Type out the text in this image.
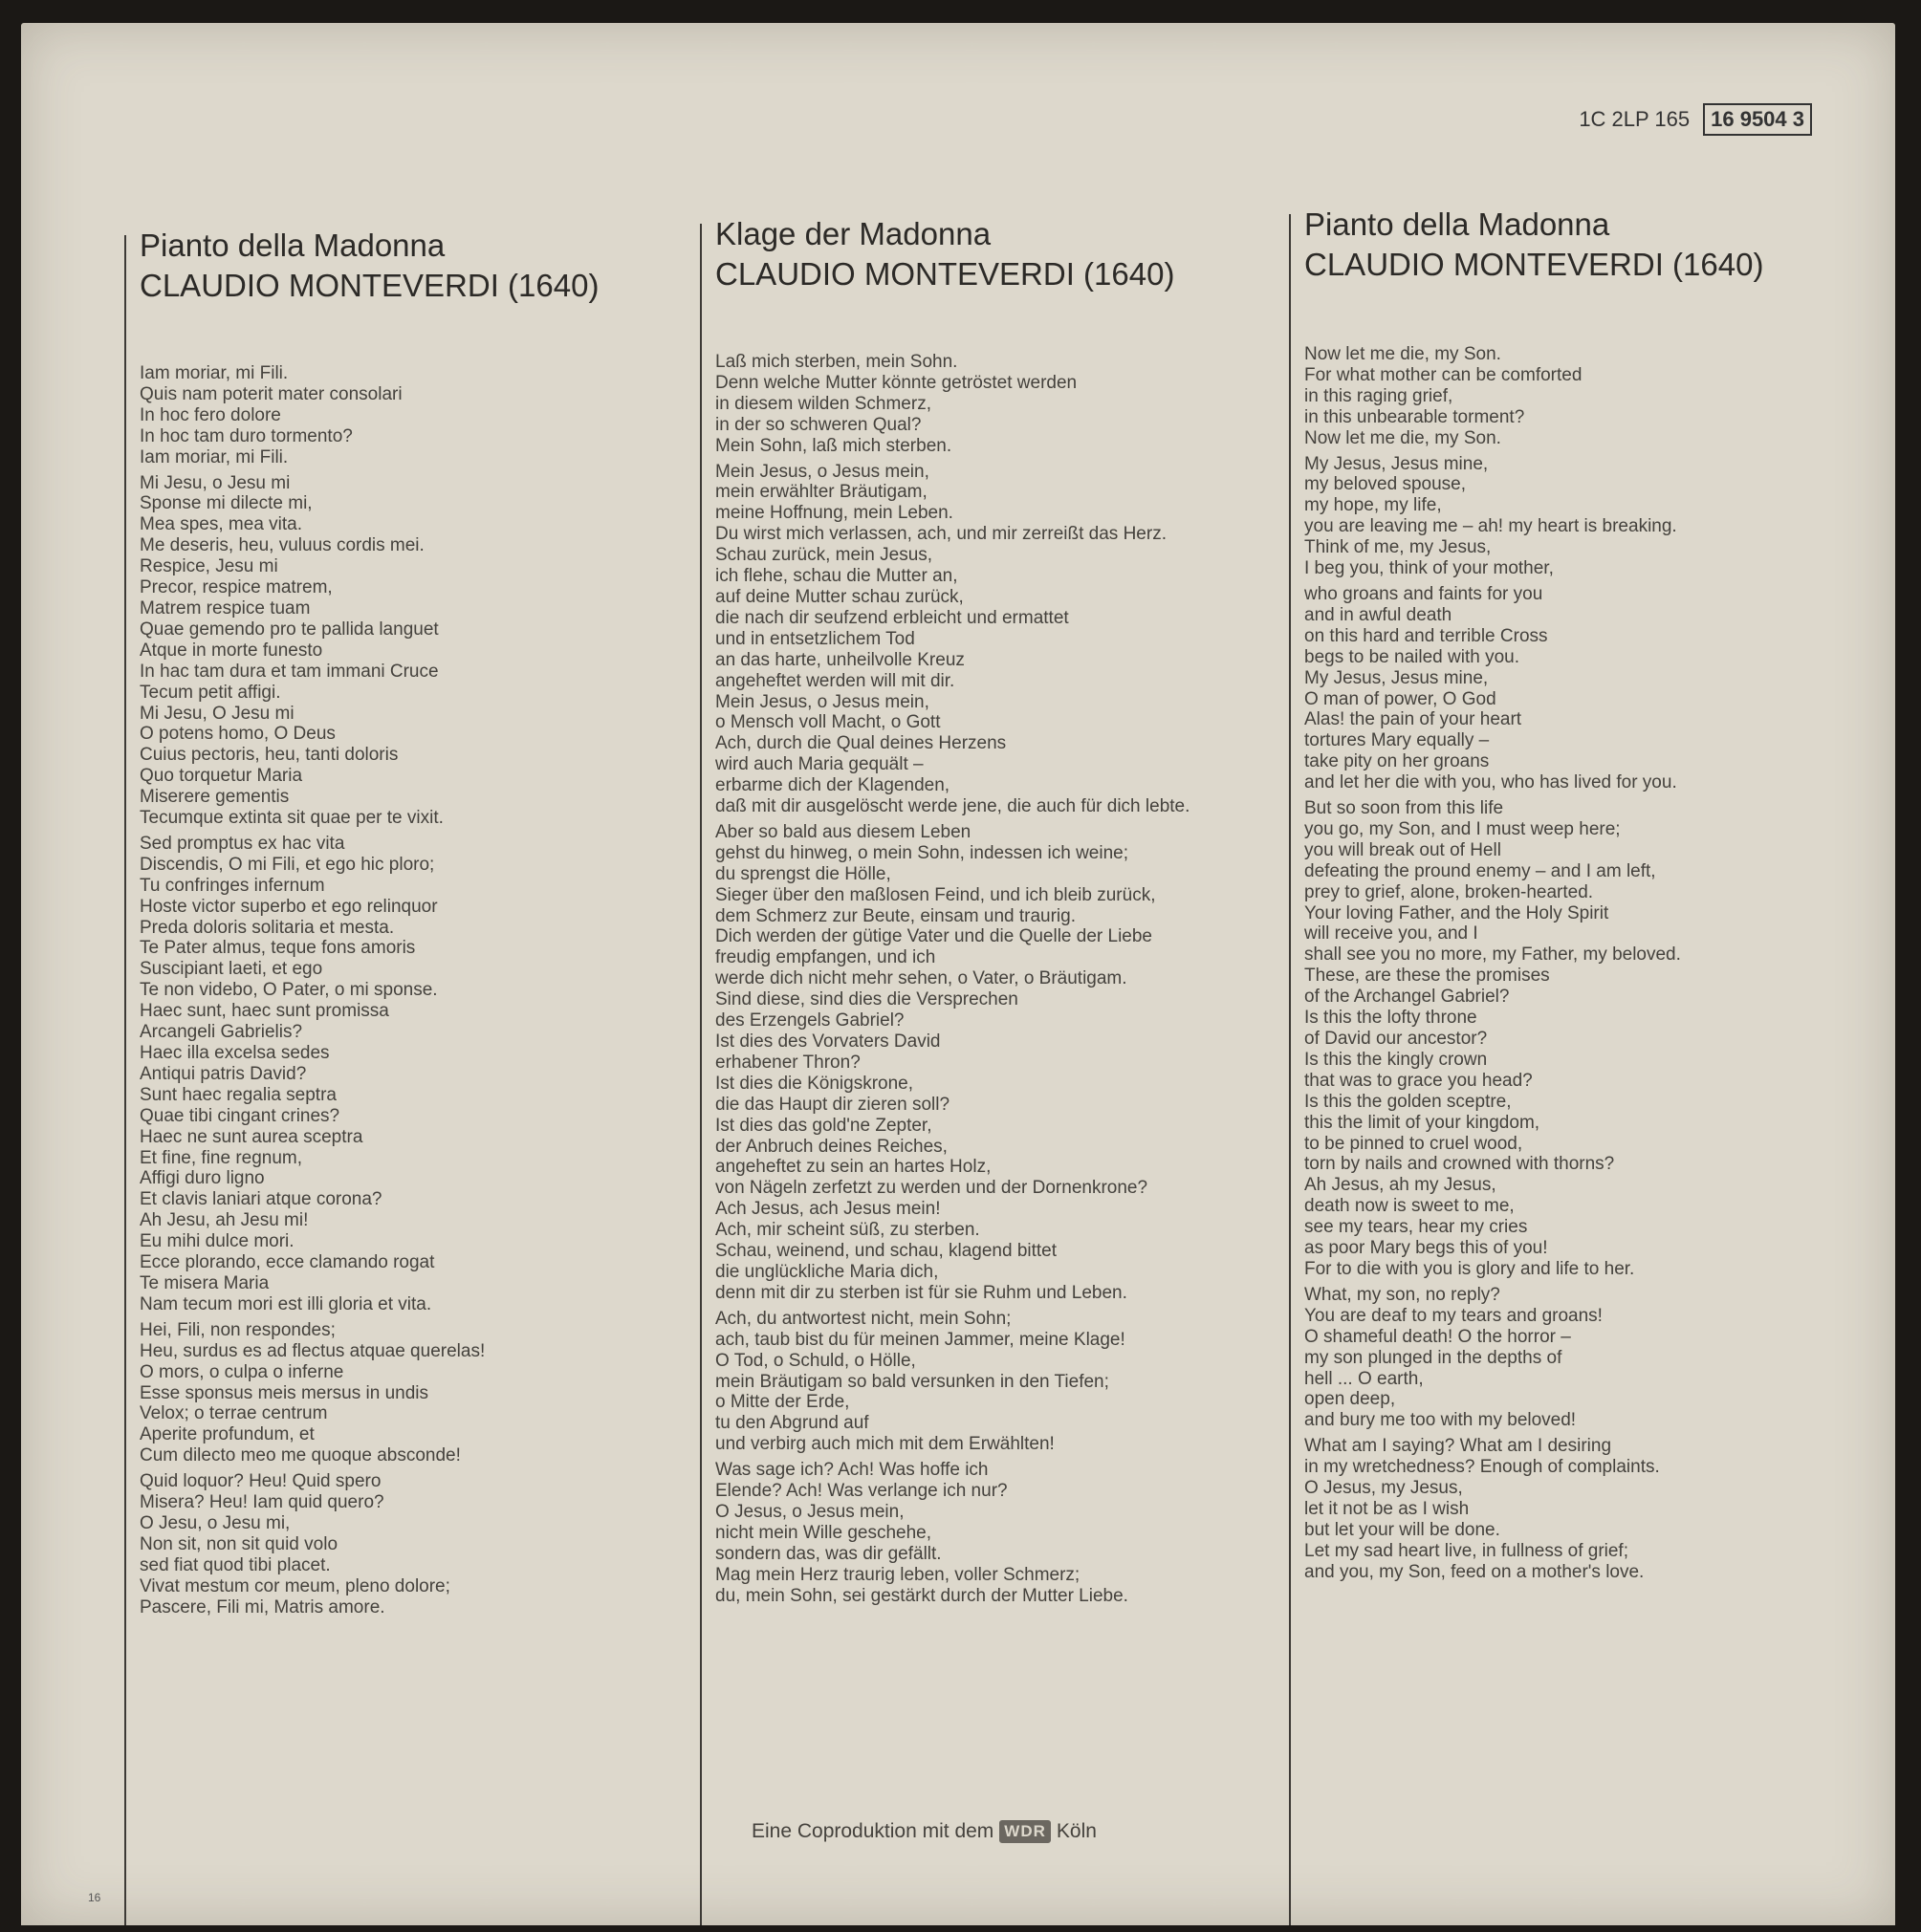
1C 2LP 165	16 9504 3

Pianto della Madonna

CLAUDIO MONTEVERDI (1640)

Iam moriar, mi Fili.
Quis nam poterit mater consolari
In hoc fero dolore
In hoc tam duro tormento?
Iam moriar, mi Fili.
Mi Jesu, o Jesu mi
Sponse mi dilecte mi,
Mea spes, mea vita.
Me deseris, heu, vuluus cordis mei.
Respice, Jesu mi
Precor, respice matrem,
Matrem respice tuam
Quae gemendo pro te pallida languet
Atque in morte funesto
In hac tam dura et tam immani Cruce
Tecum petit affigi.
Mi Jesu, O Jesu mi
O potens homo, O Deus
Cuius pectoris, heu, tanti doloris
Quo torquetur Maria
Miserere gementis
Tecumque extinta sit quae per te vixit.
Sed promptus ex hac vita
Discendis, O mi Fili, et ego hic ploro;
Tu confringes infernum
Hoste victor superbo et ego relinquor
Preda doloris solitaria et mesta.
Te Pater almus, teque fons amoris
Suscipiant laeti, et ego
Te non videbo, O Pater, o mi sponse.
Haec sunt, haec sunt promissa
Arcangeli Gabrielis?
Haec illa excelsa sedes
Antiqui patris David?
Sunt haec regalia septra
Quae tibi cingant crines?
Haec ne sunt aurea sceptra
Et fine, fine regnum,
Affigi duro ligno
Et clavis laniari atque corona?
Ah Jesu, ah Jesu mi!
Eu mihi dulce mori.
Ecce plorando, ecce clamando rogat
Te misera Maria
Nam tecum mori est illi gloria et vita.
Hei, Fili, non respondes;
Heu, surdus es ad flectus atquae querelas!
O mors, o culpa o inferne
Esse sponsus meis mersus in undis
Velox; o terrae centrum
Aperite profundum, et
Cum dilecto meo me quoque absconde!
Quid loquor? Heu! Quid spero
Misera? Heu! Iam quid quero?
O Jesu, o Jesu mi,
Non sit, non sit quid volo
sed fiat quod tibi placet.
Vivat mestum cor meum, pleno dolore;
Pascere, Fili mi, Matris amore.

Klage der Madonna

CLAUDIO MONTEVERDI (1640)

Laß mich sterben, mein Sohn.
Denn welche Mutter könnte getröstet werden
in diesem wilden Schmerz,
in der so schweren Qual?
Mein Sohn, laß mich sterben.
Mein Jesus, o Jesus mein,
mein erwählter Bräutigam,
meine Hoffnung, mein Leben.
Du wirst mich verlassen, ach, und mir zerreißt das Herz.
Schau zurück, mein Jesus,
ich flehe, schau die Mutter an,
auf deine Mutter schau zurück,
die nach dir seufzend erbleicht und ermattet
und in entsetzlichem Tod
an das harte, unheilvolle Kreuz
angeheftet werden will mit dir.
Mein Jesus, o Jesus mein,
o Mensch voll Macht, o Gott
Ach, durch die Qual deines Herzens
wird auch Maria gequält –
erbarme dich der Klagenden,
daß mit dir ausgelöscht werde jene, die auch für dich lebte.
Aber so bald aus diesem Leben
gehst du hinweg, o mein Sohn, indessen ich weine;
du sprengst die Hölle,
Sieger über den maßlosen Feind, und ich bleib zurück,
dem Schmerz zur Beute, einsam und traurig.
Dich werden der gütige Vater und die Quelle der Liebe
freudig empfangen, und ich
werde dich nicht mehr sehen, o Vater, o Bräutigam.
Sind diese, sind dies die Versprechen
des Erzengels Gabriel?
Ist dies des Vorvaters David
erhabener Thron?
Ist dies die Königskrone,
die das Haupt dir zieren soll?
Ist dies das gold'ne Zepter,
der Anbruch deines Reiches,
angeheftet zu sein an hartes Holz,
von Nägeln zerfetzt zu werden und der Dornenkrone?
Ach Jesus, ach Jesus mein!
Ach, mir scheint süß, zu sterben.
Schau, weinend, und schau, klagend bittet
die unglückliche Maria dich,
denn mit dir zu sterben ist für sie Ruhm und Leben.
Ach, du antwortest nicht, mein Sohn;
ach, taub bist du für meinen Jammer, meine Klage!
O Tod, o Schuld, o Hölle,
mein Bräutigam so bald versunken in den Tiefen;
o Mitte der Erde,
tu den Abgrund auf
und verbirg auch mich mit dem Erwählten!
Was sage ich? Ach! Was hoffe ich
Elende? Ach! Was verlange ich nur?
O Jesus, o Jesus mein,
nicht mein Wille geschehe,
sondern das, was dir gefällt.
Mag mein Herz traurig leben, voller Schmerz;
du, mein Sohn, sei gestärkt durch der Mutter Liebe.

Pianto della Madonna

CLAUDIO MONTEVERDI (1640)

Now let me die, my Son.
For what mother can be comforted
in this raging grief,
in this unbearable torment?
Now let me die, my Son.
My Jesus, Jesus mine,
my beloved spouse,
my hope, my life,
you are leaving me – ah! my heart is breaking.
Think of me, my Jesus,
I beg you, think of your mother,
who groans and faints for you
and in awful death
on this hard and terrible Cross
begs to be nailed with you.
My Jesus, Jesus mine,
O man of power, O God
Alas! the pain of your heart
tortures Mary equally –
take pity on her groans
and let her die with you, who has lived for you.
But so soon from this life
you go, my Son, and I must weep here;
you will break out of Hell
defeating the pround enemy – and I am left,
prey to grief, alone, broken-hearted.
Your loving Father, and the Holy Spirit
will receive you, and I
shall see you no more, my Father, my beloved.
These, are these the promises
of the Archangel Gabriel?
Is this the lofty throne
of David our ancestor?
Is this the kingly crown
that was to grace you head?
Is this the golden sceptre,
this the limit of your kingdom,
to be pinned to cruel wood,
torn by nails and crowned with thorns?
Ah Jesus, ah my Jesus,
death now is sweet to me,
see my tears, hear my cries
as poor Mary begs this of you!
For to die with you is glory and life to her.
What, my son, no reply?
You are deaf to my tears and groans!
O shameful death! O the horror –
my son plunged in the depths of
hell ... O earth,
open deep,
and bury me too with my beloved!
What am I saying? What am I desiring
in my wretchedness? Enough of complaints.
O Jesus, my Jesus,
let it not be as I wish
but let your will be done.
Let my sad heart live, in fullness of grief;
and you, my Son, feed on a mother's love.
Eine Coproduktion mit dem WDR Köln
16
